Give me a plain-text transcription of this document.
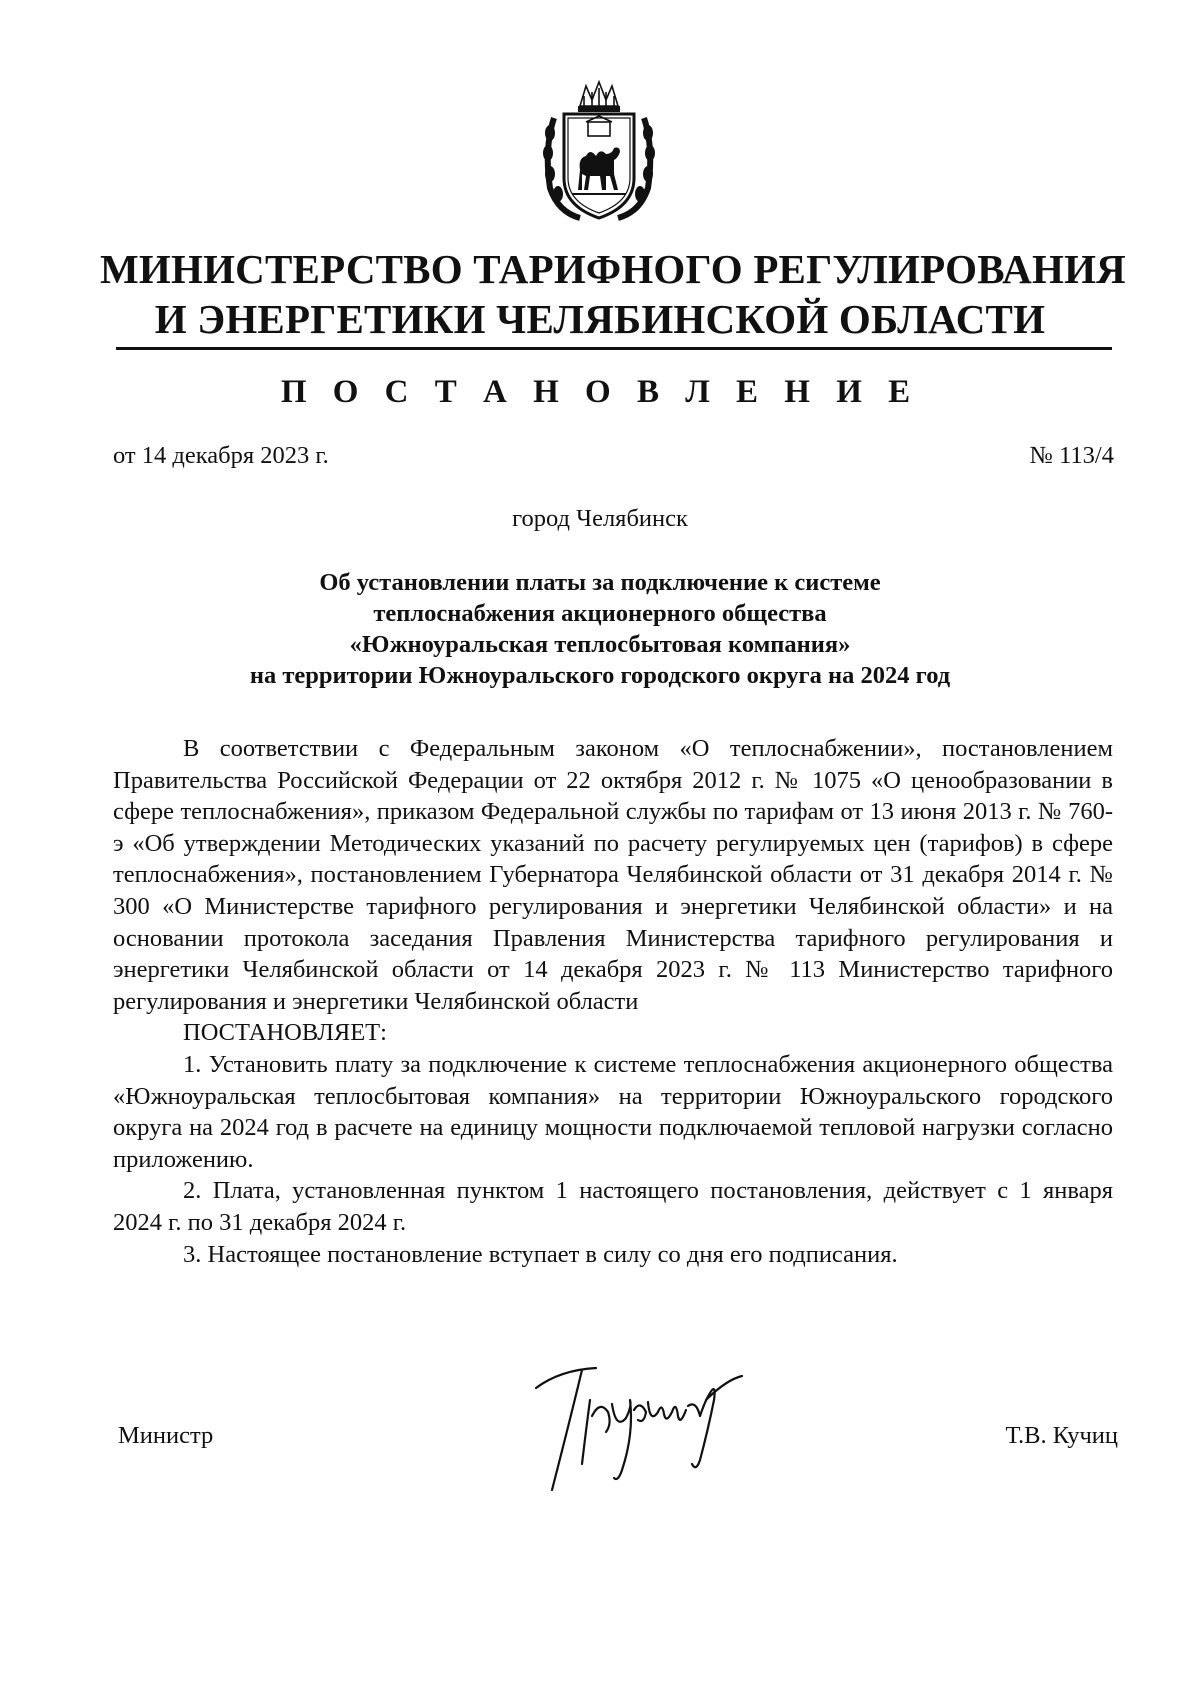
МИНИСТЕРСТВО ТАРИФНОГО РЕГУЛИРОВАНИЯ
И ЭНЕРГЕТИКИ ЧЕЛЯБИНСКОЙ ОБЛАСТИ
П О С Т А Н О В Л Е Н И Е
от 14 декабря 2023 г.	№ 113/4
город Челябинск
Об установлении платы за подключение к системе
теплоснабжения акционерного общества
«Южноуральская теплосбытовая компания»
на территории Южноуральского городского округа на 2024 год

В соответствии с Федеральным законом «О теплоснабжении», постановлением Правительства Российской Федерации от 22 октября 2012 г. № 1075 «О ценообразовании в сфере теплоснабжения», приказом Федеральной службы по тарифам от 13 июня 2013 г. № 760-э «Об утверждении Методических указаний по расчету регулируемых цен (тарифов) в сфере теплоснабжения», постановлением Губернатора Челябинской области от 31 декабря 2014 г. № 300 «О Министерстве тарифного регулирования и энергетики Челябинской области» и на основании протокола заседания Правления Министерства тарифного регулирования и энергетики Челябинской области от 14 декабря 2023 г. № 113 Министерство тарифного регулирования и энергетики Челябинской области

ПОСТАНОВЛЯЕТ:

1. Установить плату за подключение к системе теплоснабжения акционерного общества «Южноуральская теплосбытовая компания» на территории Южноуральского городского округа на 2024 год в расчете на единицу мощности подключаемой тепловой нагрузки согласно приложению.

2. Плата, установленная пунктом 1 настоящего постановления, действует с 1 января 2024 г. по 31 декабря 2024 г.

3. Настоящее постановление вступает в силу со дня его подписания.

Министр	Т.В. Кучиц
